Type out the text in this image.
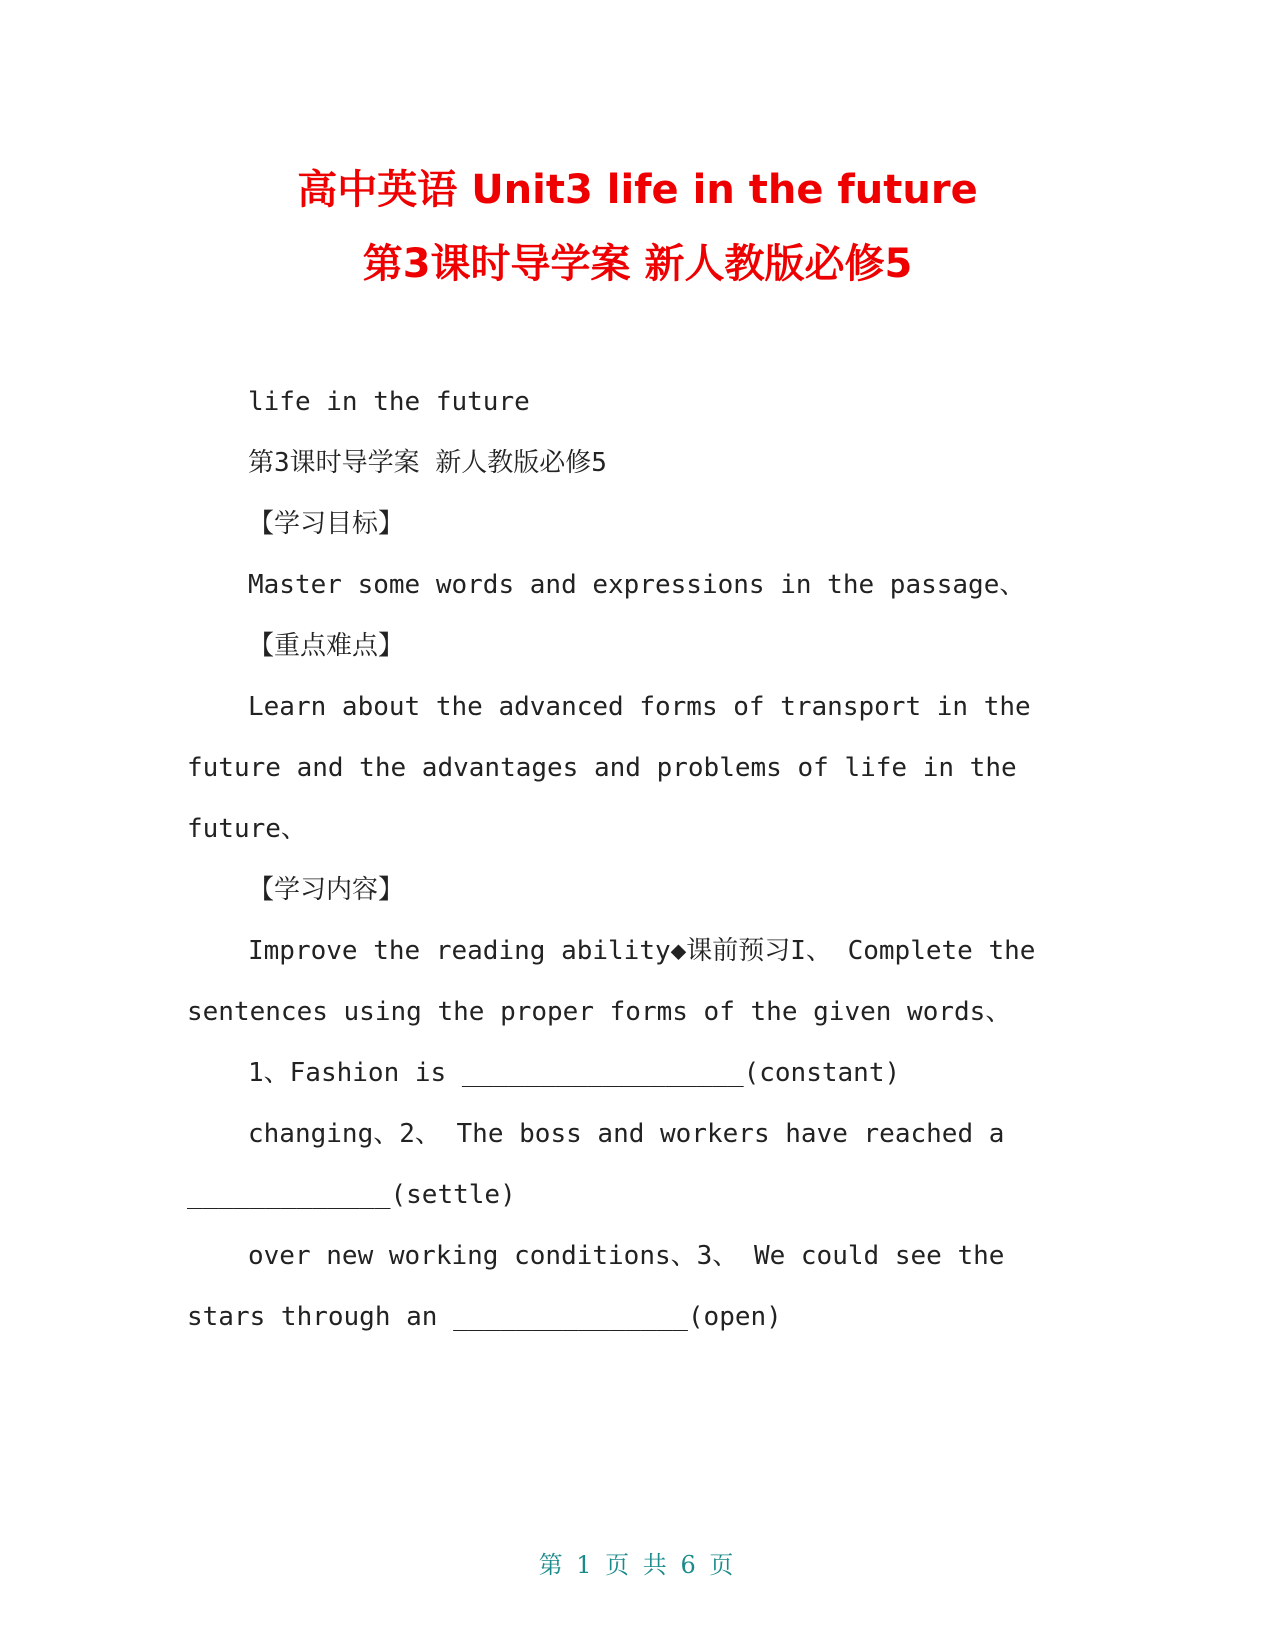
高中英语 Unit3 life in the future
第3课时导学案 新人教版必修5

life in the future

第3课时导学案 新人教版必修5

【学习目标】

Master some words and expressions in the passage、

【重点难点】

Learn about the advanced forms of transport in the future and the advantages and problems of life in the future、

【学习内容】

Improve the reading ability◆课前预习I、 Complete the sentences using the proper forms of the given words、

1、Fashion is __________________(constant)

changing、2、 The boss and workers have reached a _____________(settle)

over new working conditions、3、 We could see the stars through an _______________(open)

第 1 页 共 6 页
